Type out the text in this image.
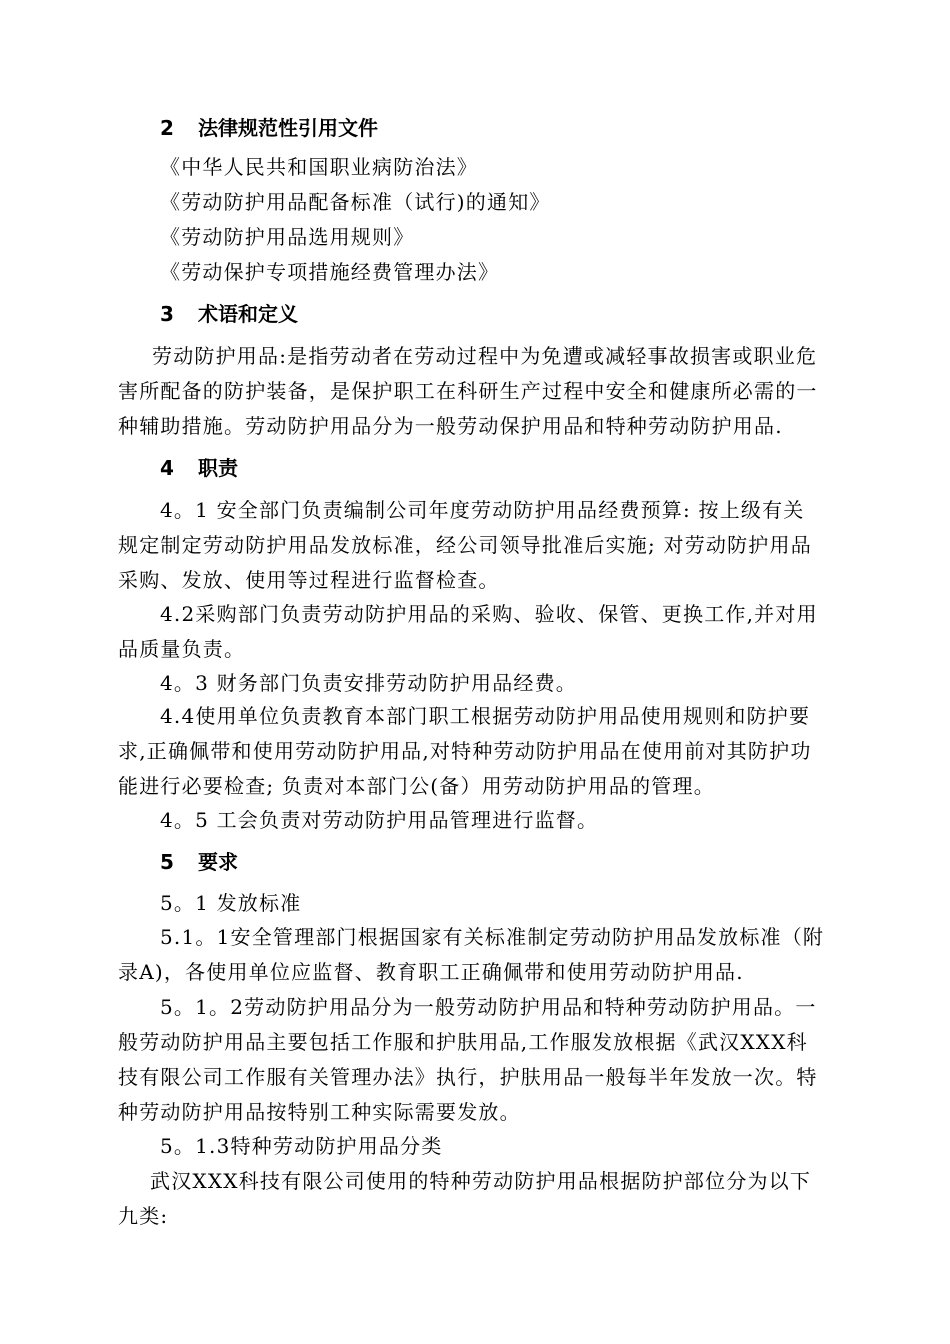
2 法律规范性引用文件
《中华人民共和国职业病防治法》
《劳动防护用品配备标准（试行)的通知》
《劳动防护用品选用规则》
《劳动保护专项措施经费管理办法》
3 术语和定义
劳动防护用品:是指劳动者在劳动过程中为免遭或减轻事故损害或职业危
害所配备的防护装备，是保护职工在科研生产过程中安全和健康所必需的一
种辅助措施。劳动防护用品分为一般劳动保护用品和特种劳动防护用品.
4 职责
4。1 安全部门负责编制公司年度劳动防护用品经费预算: 按上级有关
规定制定劳动防护用品发放标准，经公司领导批准后实施; 对劳动防护用品
采购、发放、使用等过程进行监督检查。
4.2采购部门负责劳动防护用品的采购、验收、保管、更换工作,并对用
品质量负责。
4。3 财务部门负责安排劳动防护用品经费。
4.4使用单位负责教育本部门职工根据劳动防护用品使用规则和防护要
求,正确佩带和使用劳动防护用品,对特种劳动防护用品在使用前对其防护功
能进行必要检查; 负责对本部门公(备）用劳动防护用品的管理。
4。5 工会负责对劳动防护用品管理进行监督。
5 要求
5。1 发放标准
5.1。1安全管理部门根据国家有关标准制定劳动防护用品发放标准（附
录A)，各使用单位应监督、教育职工正确佩带和使用劳动防护用品.
5。1。2劳动防护用品分为一般劳动防护用品和特种劳动防护用品。一
般劳动防护用品主要包括工作服和护肤用品,工作服发放根据《武汉XXX科
技有限公司工作服有关管理办法》执行，护肤用品一般每半年发放一次。特
种劳动防护用品按特别工种实际需要发放。
5。1.3特种劳动防护用品分类
武汉XXX科技有限公司使用的特种劳动防护用品根据防护部位分为以下
九类:
